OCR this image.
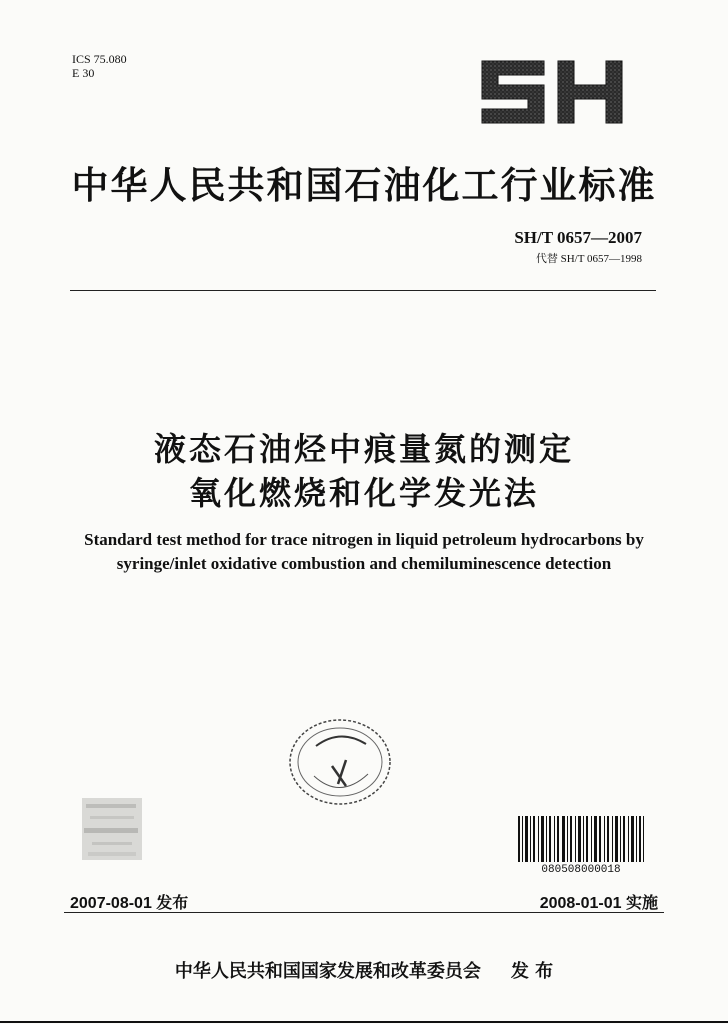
ICS 75.080
E 30
中华人民共和国石油化工行业标准
SH/T 0657—2007
代替 SH/T 0657—1998
液态石油烃中痕量氮的测定
氧化燃烧和化学发光法
Standard test method for trace nitrogen in liquid petroleum hydrocarbons by syringe/inlet oxidative combustion and chemiluminescence detection
080508000018
2007-08-01 发布	2008-01-01 实施
中华人民共和国国家发展和改革委员会 发 布
